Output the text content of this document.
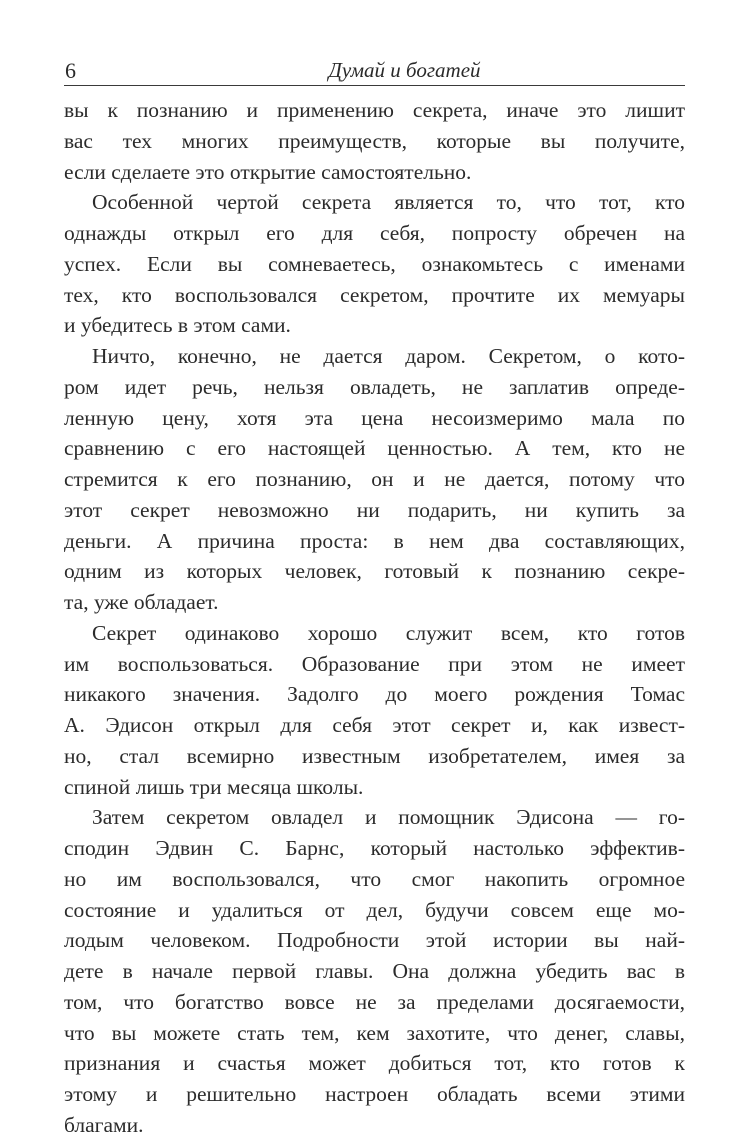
6	Думай и богатей

вы к познанию и применению секрета, иначе это лишит
вас тех многих преимуществ, которые вы получите,
если сделаете это открытие самостоятельно.

Особенной чертой секрета является то, что тот, кто
однажды открыл его для себя, попросту обречен на
успех. Если вы сомневаетесь, ознакомьтесь с именами
тех, кто воспользовался секретом, прочтите их мемуары
и убедитесь в этом сами.

Ничто, конечно, не дается даром. Секретом, о кото-
ром идет речь, нельзя овладеть, не заплатив опреде-
ленную цену, хотя эта цена несоизмеримо мала по
сравнению с его настоящей ценностью. А тем, кто не
стремится к его познанию, он и не дается, потому что
этот секрет невозможно ни подарить, ни купить за
деньги. А причина проста: в нем два составляющих,
одним из которых человек, готовый к познанию секре-
та, уже обладает.

Секрет одинаково хорошо служит всем, кто готов
им воспользоваться. Образование при этом не имеет
никакого значения. Задолго до моего рождения Томас
А. Эдисон открыл для себя этот секрет и, как извест-
но, стал всемирно известным изобретателем, имея за
спиной лишь три месяца школы.

Затем секретом овладел и помощник Эдисона — го-
сподин Эдвин С. Барнс, который настолько эффектив-
но им воспользовался, что смог накопить огромное
состояние и удалиться от дел, будучи совсем еще мо-
лодым человеком. Подробности этой истории вы най-
дете в начале первой главы. Она должна убедить вас в
том, что богатство вовсе не за пределами досягаемости,
что вы можете стать тем, кем захотите, что денег, славы,
признания и счастья может добиться тот, кто готов к
этому и решительно настроен обладать всеми этими
благами.
